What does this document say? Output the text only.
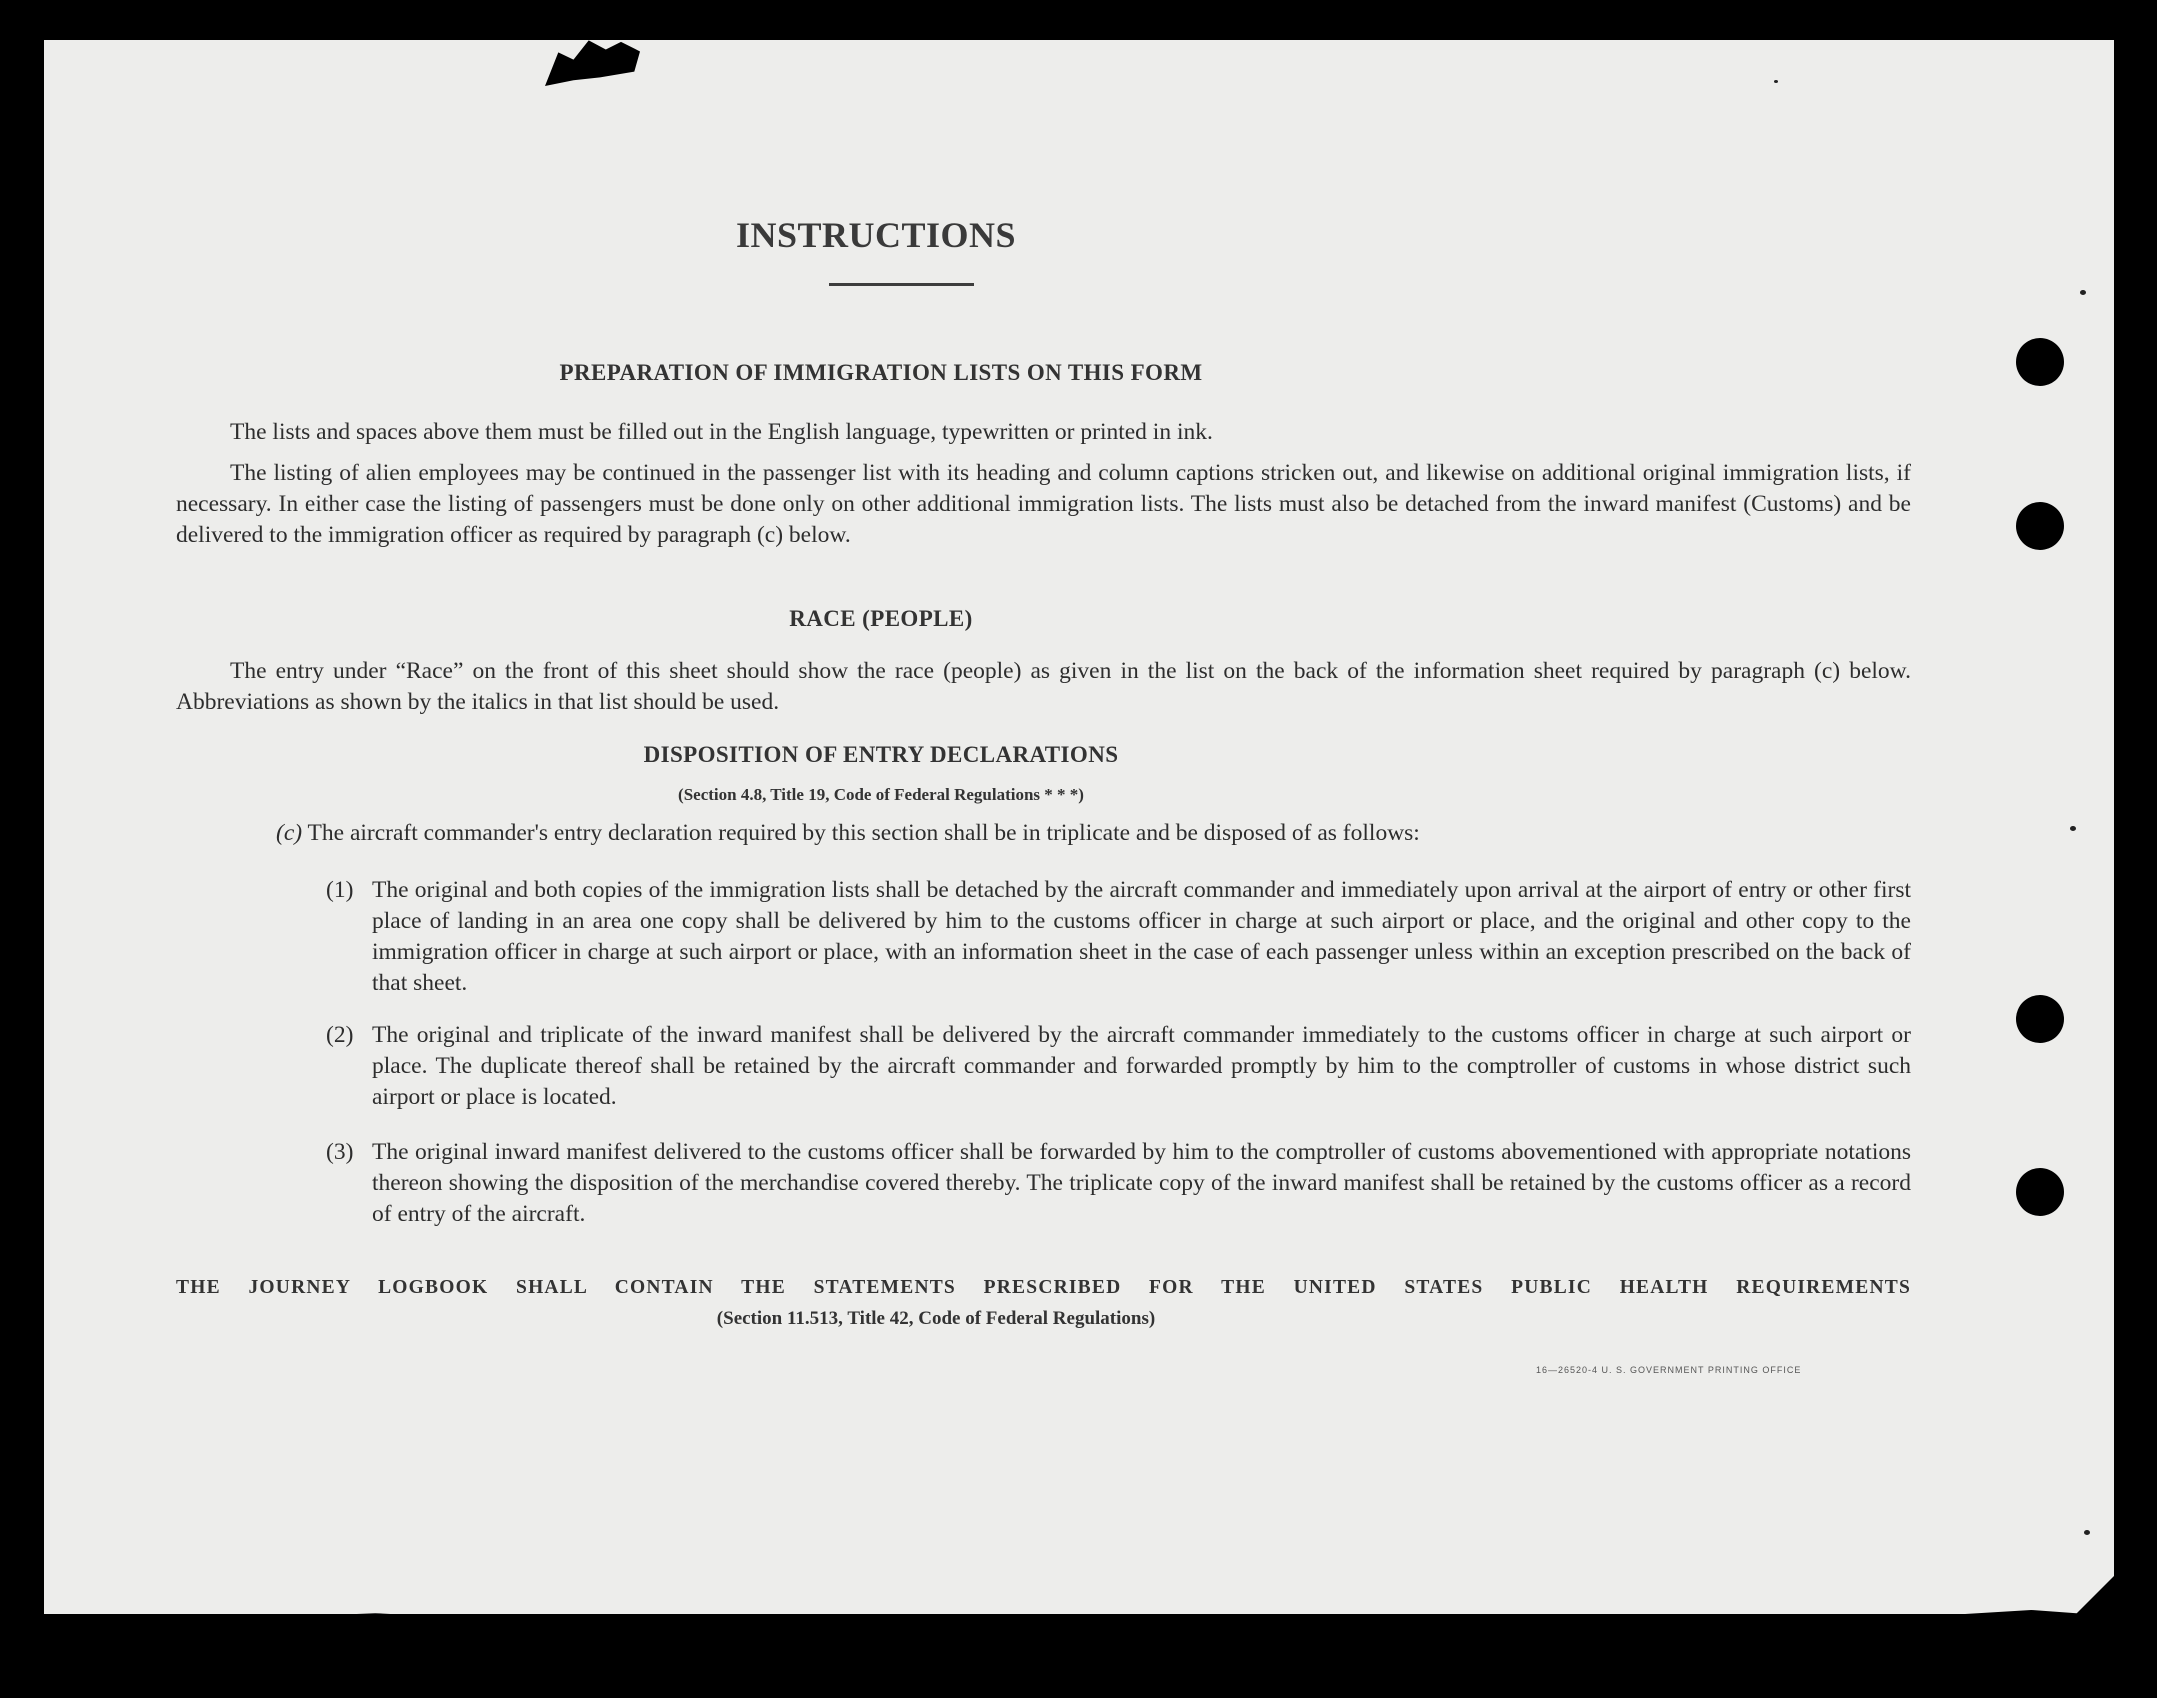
INSTRUCTIONS
PREPARATION OF IMMIGRATION LISTS ON THIS FORM
The lists and spaces above them must be filled out in the English language, typewritten or printed in ink.
The listing of alien employees may be continued in the passenger list with its heading and column captions stricken out, and likewise on additional original immigration lists, if necessary. In either case the listing of passengers must be done only on other additional immigration lists. The lists must also be detached from the inward manifest (Customs) and be delivered to the immigration officer as required by paragraph (c) below.
RACE (PEOPLE)
The entry under “Race” on the front of this sheet should show the race (people) as given in the list on the back of the information sheet required by paragraph (c) below. Abbreviations as shown by the italics in that list should be used.
DISPOSITION OF ENTRY DECLARATIONS
(Section 4.8, Title 19, Code of Federal Regulations * * *)
(c) The aircraft commander's entry declaration required by this section shall be in triplicate and be disposed of as follows:
(1) The original and both copies of the immigration lists shall be detached by the aircraft commander and immediately upon arrival at the airport of entry or other first place of landing in an area one copy shall be delivered by him to the customs officer in charge at such airport or place, and the original and other copy to the immigration officer in charge at such airport or place, with an information sheet in the case of each passenger unless within an exception prescribed on the back of that sheet.
(2) The original and triplicate of the inward manifest shall be delivered by the aircraft commander immediately to the customs officer in charge at such airport or place. The duplicate thereof shall be retained by the aircraft commander and forwarded promptly by him to the comptroller of customs in whose district such airport or place is located.
(3) The original inward manifest delivered to the customs officer shall be forwarded by him to the comptroller of customs abovementioned with appropriate notations thereon showing the disposition of the merchandise covered thereby. The triplicate copy of the inward manifest shall be retained by the customs officer as a record of entry of the aircraft.
THE JOURNEY LOGBOOK SHALL CONTAIN THE STATEMENTS PRESCRIBED FOR THE UNITED STATES PUBLIC HEALTH REQUIREMENTS
(Section 11.513, Title 42, Code of Federal Regulations)
16—26520-4 U. S. GOVERNMENT PRINTING OFFICE
